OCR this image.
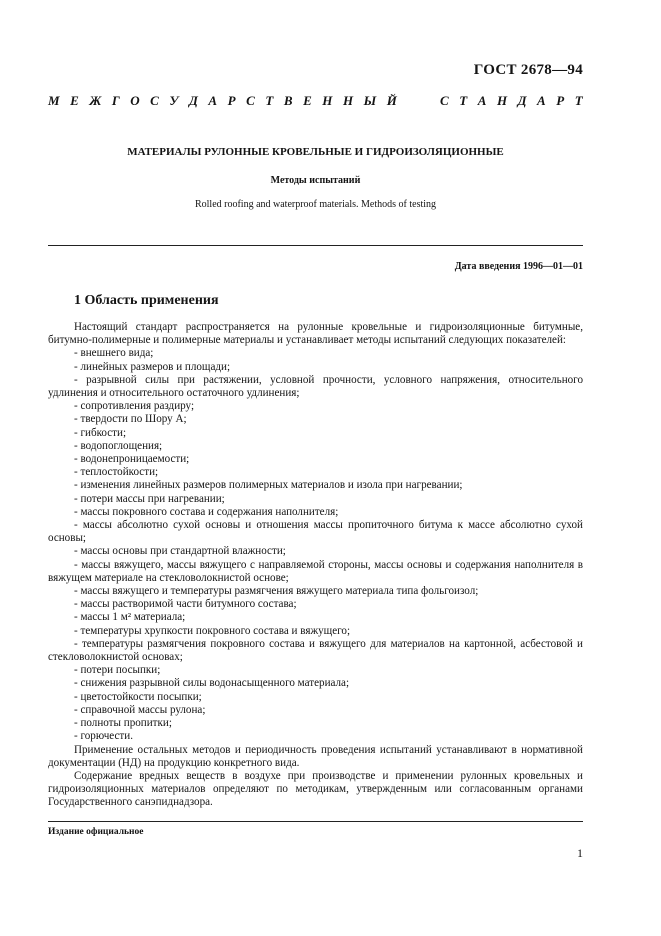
ГОСТ 2678—94
М Е Ж Г О С У Д А Р С Т В Е Н Н Ы Й	С Т А Н Д А Р Т
МАТЕРИАЛЫ РУЛОННЫЕ КРОВЕЛЬНЫЕ И ГИДРОИЗОЛЯЦИОННЫЕ
Методы испытаний
Rolled roofing and waterproof materials. Methods of testing
Дата введения 1996—01—01
1 Область применения

Настоящий стандарт распространяется на рулонные кровельные и гидроизоляционные битумные, битумно-полимерные и полимерные материалы и устанавливает методы испытаний следующих показателей:

- внешнего вида;

- линейных размеров и площади;

- разрывной силы при растяжении, условной прочности, условного напряжения, относительного удлинения и относительного остаточного удлинения;

- сопротивления раздиру;

- твердости по Шору А;

- гибкости;

- водопоглощения;

- водонепроницаемости;

- теплостойкости;

- изменения линейных размеров полимерных материалов и изола при нагревании;

- потери массы при нагревании;

- массы покровного состава и содержания наполнителя;

- массы абсолютно сухой основы и отношения массы пропиточного битума к массе абсолютно сухой основы;

- массы основы при стандартной влажности;

- массы вяжущего, массы вяжущего с направляемой стороны, массы основы и содержания наполнителя в вяжущем материале на стекловолокнистой основе;

- массы вяжущего и температуры размягчения вяжущего материала типа фольгоизол;

- массы растворимой части битумного состава;

- массы 1 м² материала;

- температуры хрупкости покровного состава и вяжущего;

- температуры размягчения покровного состава и вяжущего для материалов на картонной, асбестовой и стекловолокнистой основах;

- потери посыпки;

- снижения разрывной силы водонасыщенного материала;

- цветостойкости посыпки;

- справочной массы рулона;

- полноты пропитки;

- горючести.

Применение остальных методов и периодичность проведения испытаний устанавливают в нормативной документации (НД) на продукцию конкретного вида.

Содержание вредных веществ в воздухе при производстве и применении рулонных кровельных и гидроизоляционных материалов определяют по методикам, утвержденным или согласованным органами Государственного санэпиднадзора.

Издание официальное
1
